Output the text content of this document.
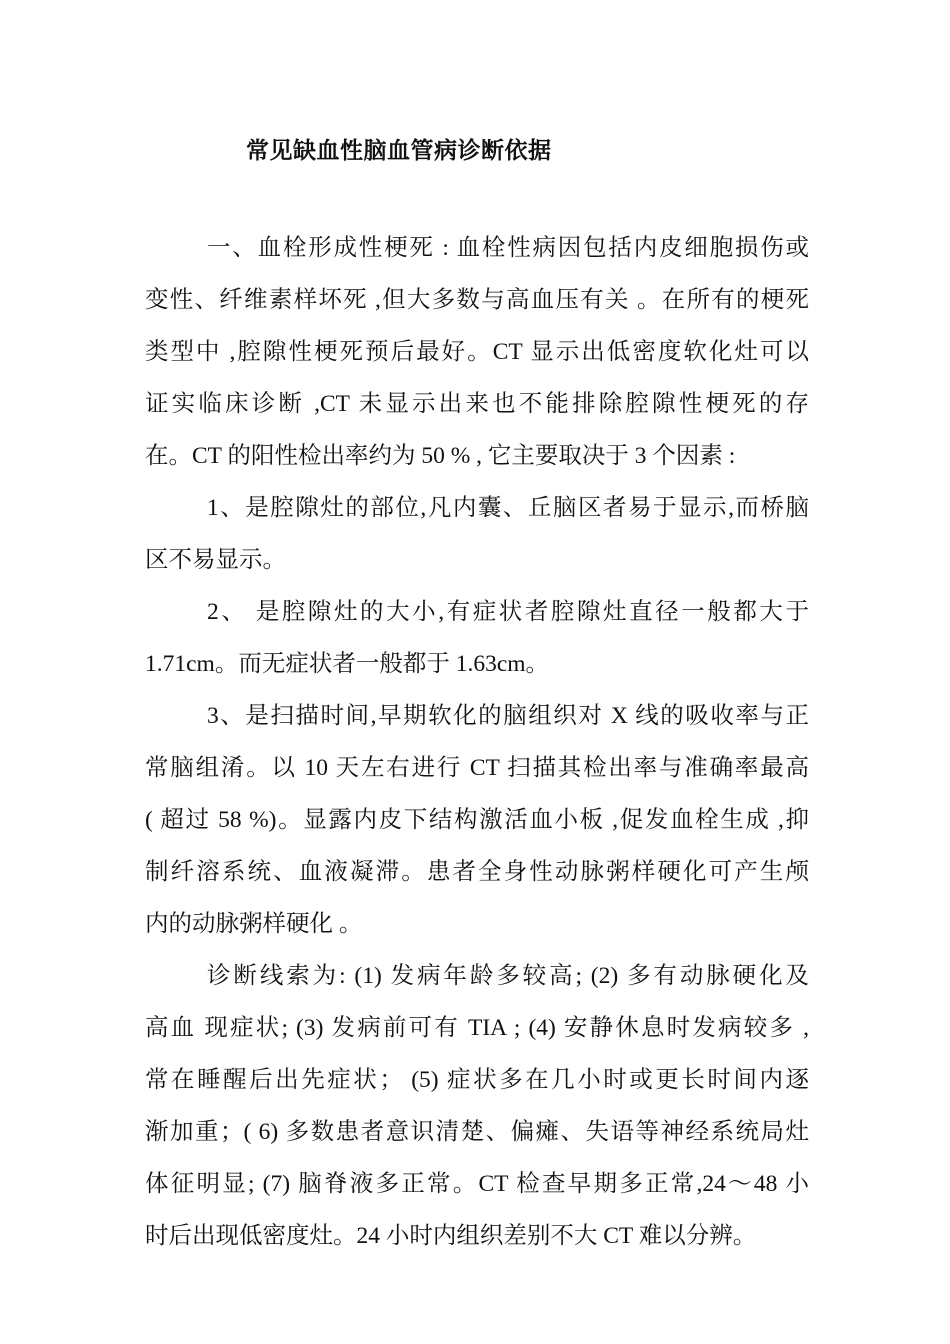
常见缺血性脑血管病诊断依据
一、血栓形成性梗死 : 血栓性病因包括内皮细胞损伤或
变性、纤维素样坏死 ,但大多数与高血压有关 。在所有的梗死
类型中 ,腔隙性梗死预后最好。CT 显示出低密度软化灶可以
证实临床诊断 ,CT 未显示出来也不能排除腔隙性梗死的存
在。CT 的阳性检出率约为 50 % , 它主要取决于 3 个因素 :
1、是腔隙灶的部位,凡内囊、丘脑区者易于显示,而桥脑
区不易显示。
2、 是腔隙灶的大小,有症状者腔隙灶直径一般都大于
1.71cm。而无症状者一般都于 1.63cm。
3、是扫描时间,早期软化的脑组织对 X 线的吸收率与正
常脑组淆。以 10 天左右进行 CT 扫描其检出率与准确率最高
( 超过 58 %)。显露内皮下结构激活血小板 ,促发血栓生成 ,抑
制纤溶系统、血液凝滞。患者全身性动脉粥样硬化可产生颅
内的动脉粥样硬化 。
诊断线索为: (1) 发病年龄多较高; (2) 多有动脉硬化及
高血 现症状; (3) 发病前可有 TIA ; (4) 安静休息时发病较多 ,
常在睡醒后出先症状； (5) 症状多在几小时或更长时间内逐
渐加重；( 6) 多数患者意识清楚、偏瘫、失语等神经系统局灶
体征明显; (7) 脑脊液多正常。CT 检查早期多正常,24～48 小
时后出现低密度灶。24 小时内组织差别不大 CT 难以分辨。
